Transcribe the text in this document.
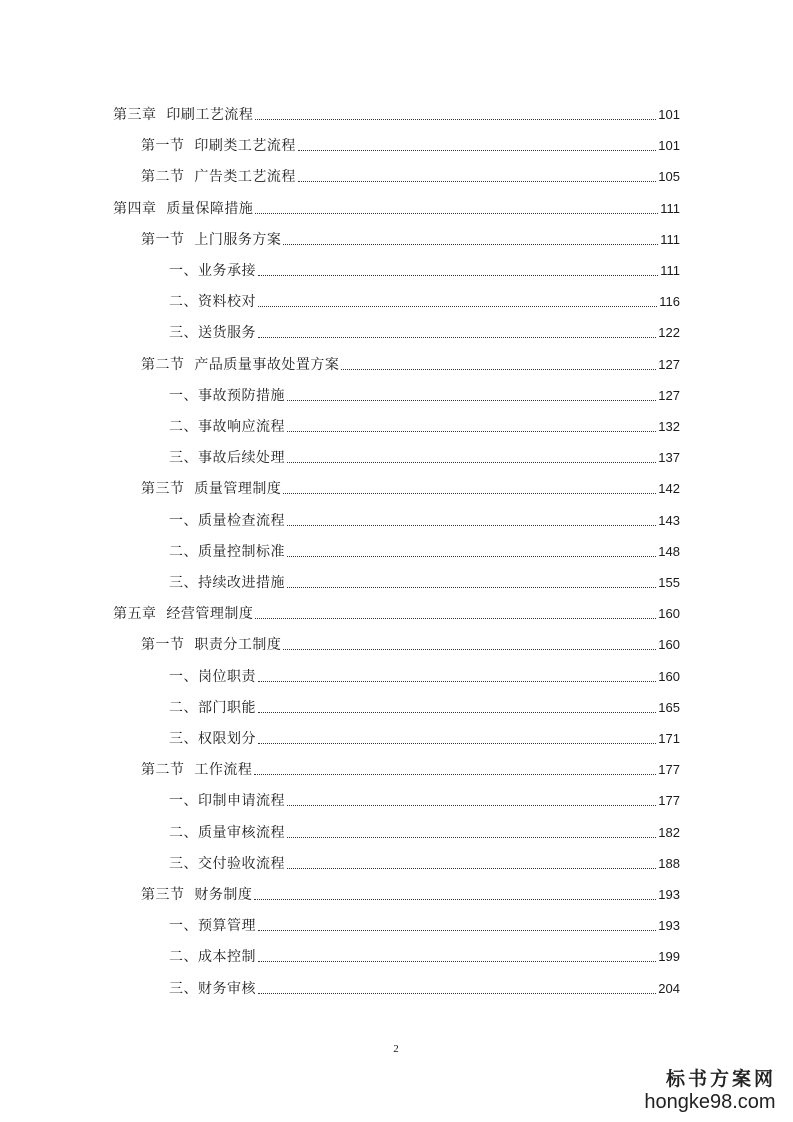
第三章  印刷工艺流程	101
第一节  印刷类工艺流程	101
第二节  广告类工艺流程	105
第四章  质量保障措施	111
第一节  上门服务方案	111
一、业务承接	111
二、资料校对	116
三、送货服务	122
第二节  产品质量事故处置方案	127
一、事故预防措施	127
二、事故响应流程	132
三、事故后续处理	137
第三节  质量管理制度	142
一、质量检查流程	143
二、质量控制标准	148
三、持续改进措施	155
第五章  经营管理制度	160
第一节  职责分工制度	160
一、岗位职责	160
二、部门职能	165
三、权限划分	171
第二节  工作流程	177
一、印制申请流程	177
二、质量审核流程	182
三、交付验收流程	188
第三节  财务制度	193
一、预算管理	193
二、成本控制	199
三、财务审核	204
2
标书方案网
hongke98.com
